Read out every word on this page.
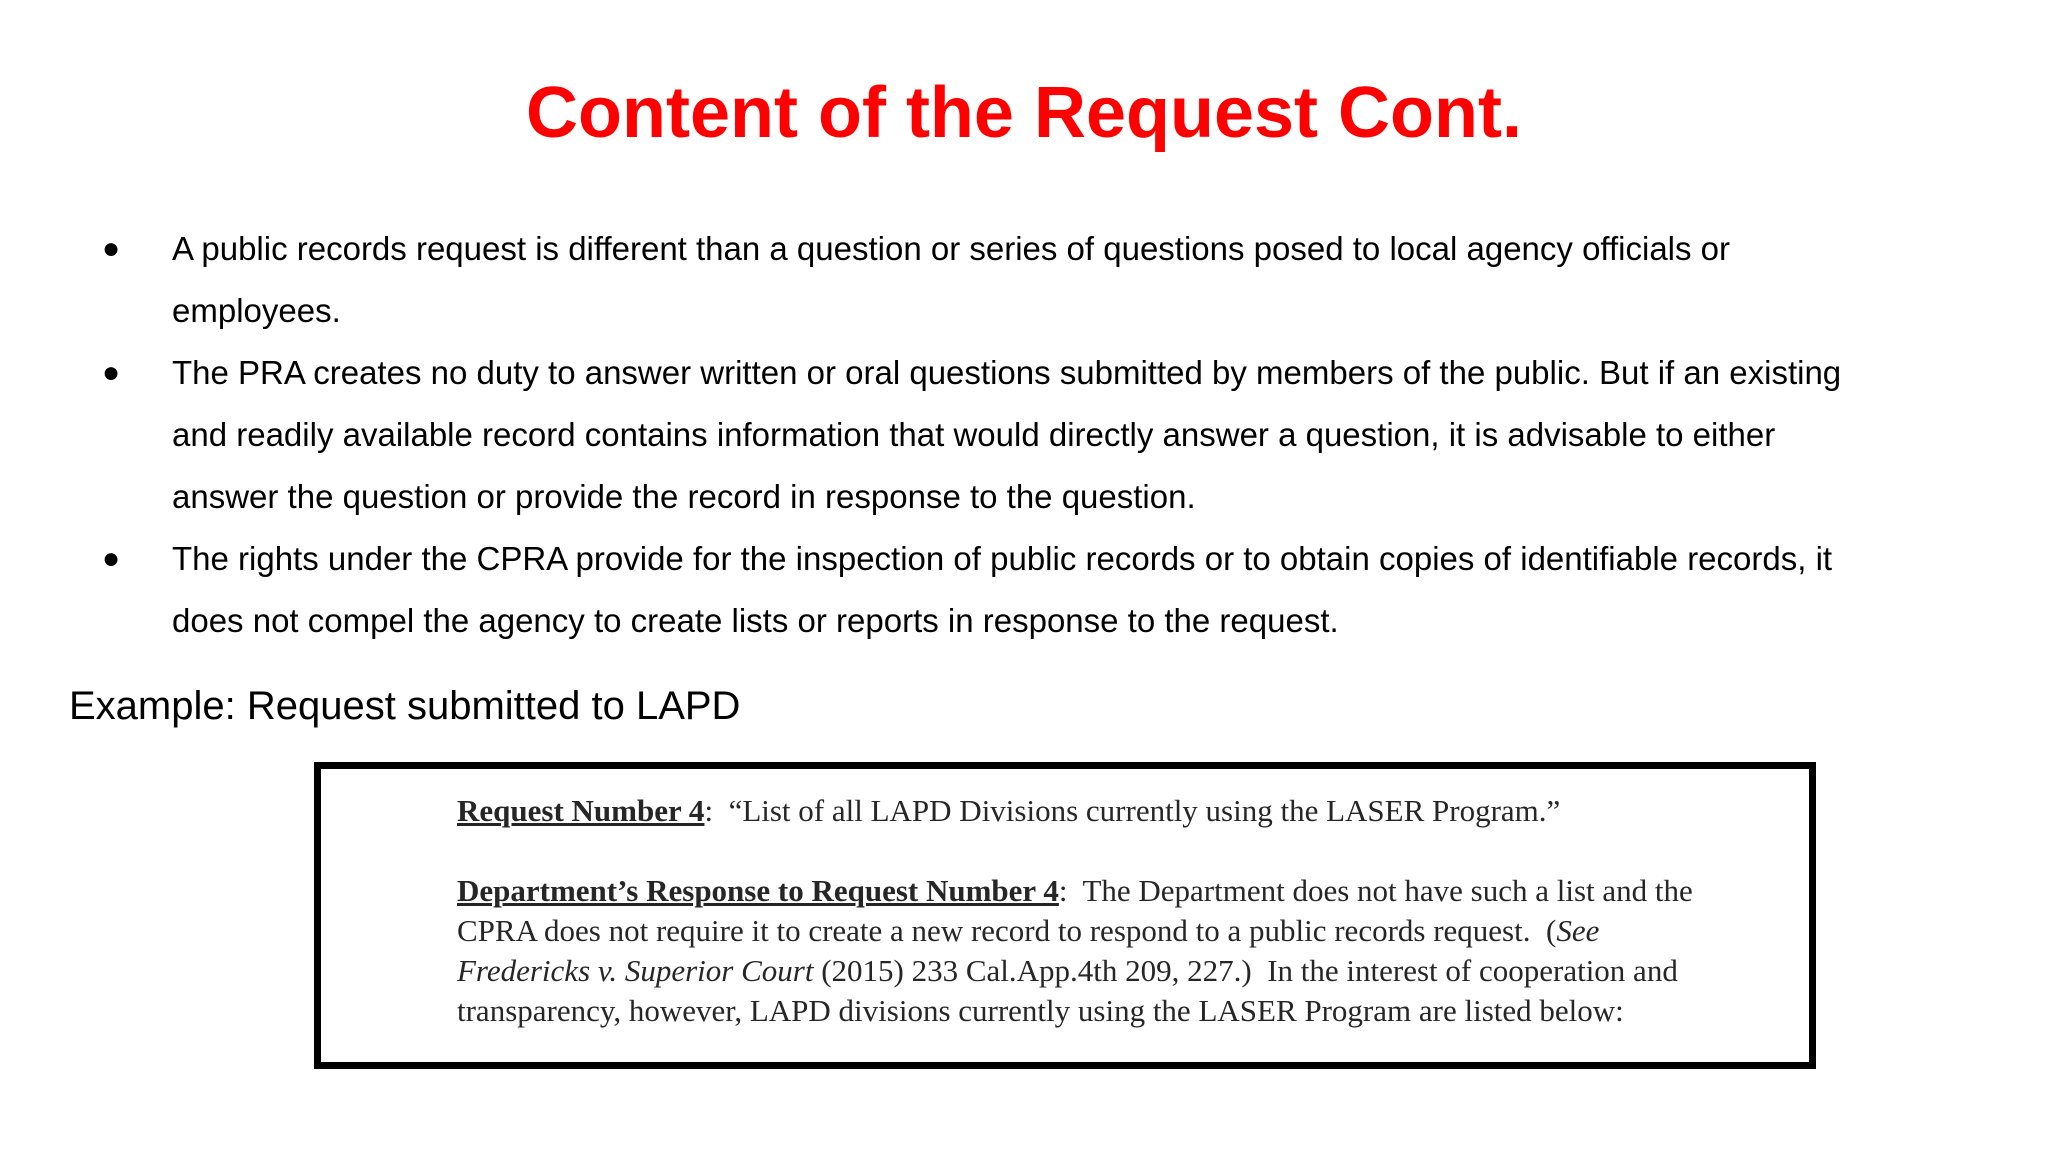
Content of the Request Cont.
● A public records request is different than a question or series of questions posed to local agency officials or
employees.
● The PRA creates no duty to answer written or oral questions submitted by members of the public. But if an existing
and readily available record contains information that would directly answer a question, it is advisable to either
answer the question or provide the record in response to the question.
● The rights under the CPRA provide for the inspection of public records or to obtain copies of identifiable records, it
does not compel the agency to create lists or reports in response to the request.

Example: Request submitted to LAPD

Request Number 4:  “List of all LAPD Divisions currently using the LASER Program.”
Department’s Response to Request Number 4:  The Department does not have such a list and the
CPRA does not require it to create a new record to respond to a public records request.  (See
Fredericks v. Superior Court (2015) 233 Cal.App.4th 209, 227.)  In the interest of cooperation and
transparency, however, LAPD divisions currently using the LASER Program are listed below:
